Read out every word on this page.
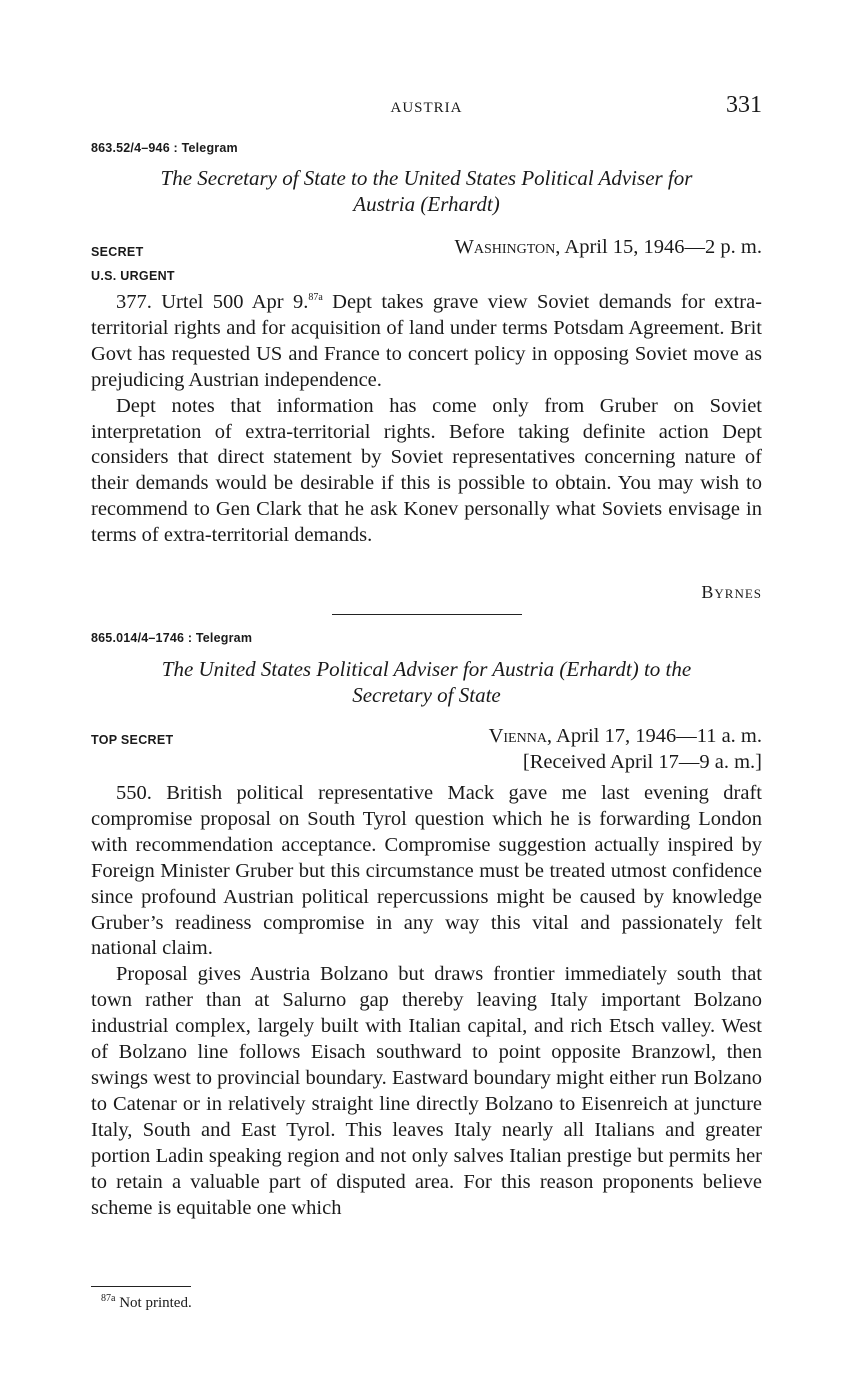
AUSTRIA	331
863.52/4–946 : Telegram
The Secretary of State to the United States Political Adviser for
Austria (Erhardt)
SECRET	Washington, April 15, 1946—2 p. m.
U.S. URGENT

377. Urtel 500 Apr 9.$^{87a}$ Dept takes grave view Soviet demands for extra-territorial rights and for acquisition of land under terms Potsdam Agreement. Brit Govt has requested US and France to concert policy in opposing Soviet move as prejudicing Austrian independence.

Dept notes that information has come only from Gruber on Soviet interpretation of extra-territorial rights. Before taking definite action Dept considers that direct statement by Soviet representatives concerning nature of their demands would be desirable if this is possible to obtain. You may wish to recommend to Gen Clark that he ask Konev personally what Soviets envisage in terms of extra-territorial demands.

Byrnes
865.014/4–1746 : Telegram
The United States Political Adviser for Austria (Erhardt) to the
Secretary of State
TOP SECRET	Vienna, April 17, 1946—11 a. m.
[Received April 17—9 a. m.]

550. British political representative Mack gave me last evening draft compromise proposal on South Tyrol question which he is forwarding London with recommendation acceptance. Compromise suggestion actually inspired by Foreign Minister Gruber but this circumstance must be treated utmost confidence since profound Austrian political repercussions might be caused by knowledge Gruber’s readiness compromise in any way this vital and passionately felt national claim.

Proposal gives Austria Bolzano but draws frontier immediately south that town rather than at Salurno gap thereby leaving Italy important Bolzano industrial complex, largely built with Italian capital, and rich Etsch valley. West of Bolzano line follows Eisach southward to point opposite Branzowl, then swings west to provincial boundary. Eastward boundary might either run Bolzano to Catenar or in relatively straight line directly Bolzano to Eisenreich at juncture Italy, South and East Tyrol. This leaves Italy nearly all Italians and greater portion Ladin speaking region and not only salves Italian prestige but permits her to retain a valuable part of disputed area. For this reason proponents believe scheme is equitable one which

$^{87a}$ Not printed.
